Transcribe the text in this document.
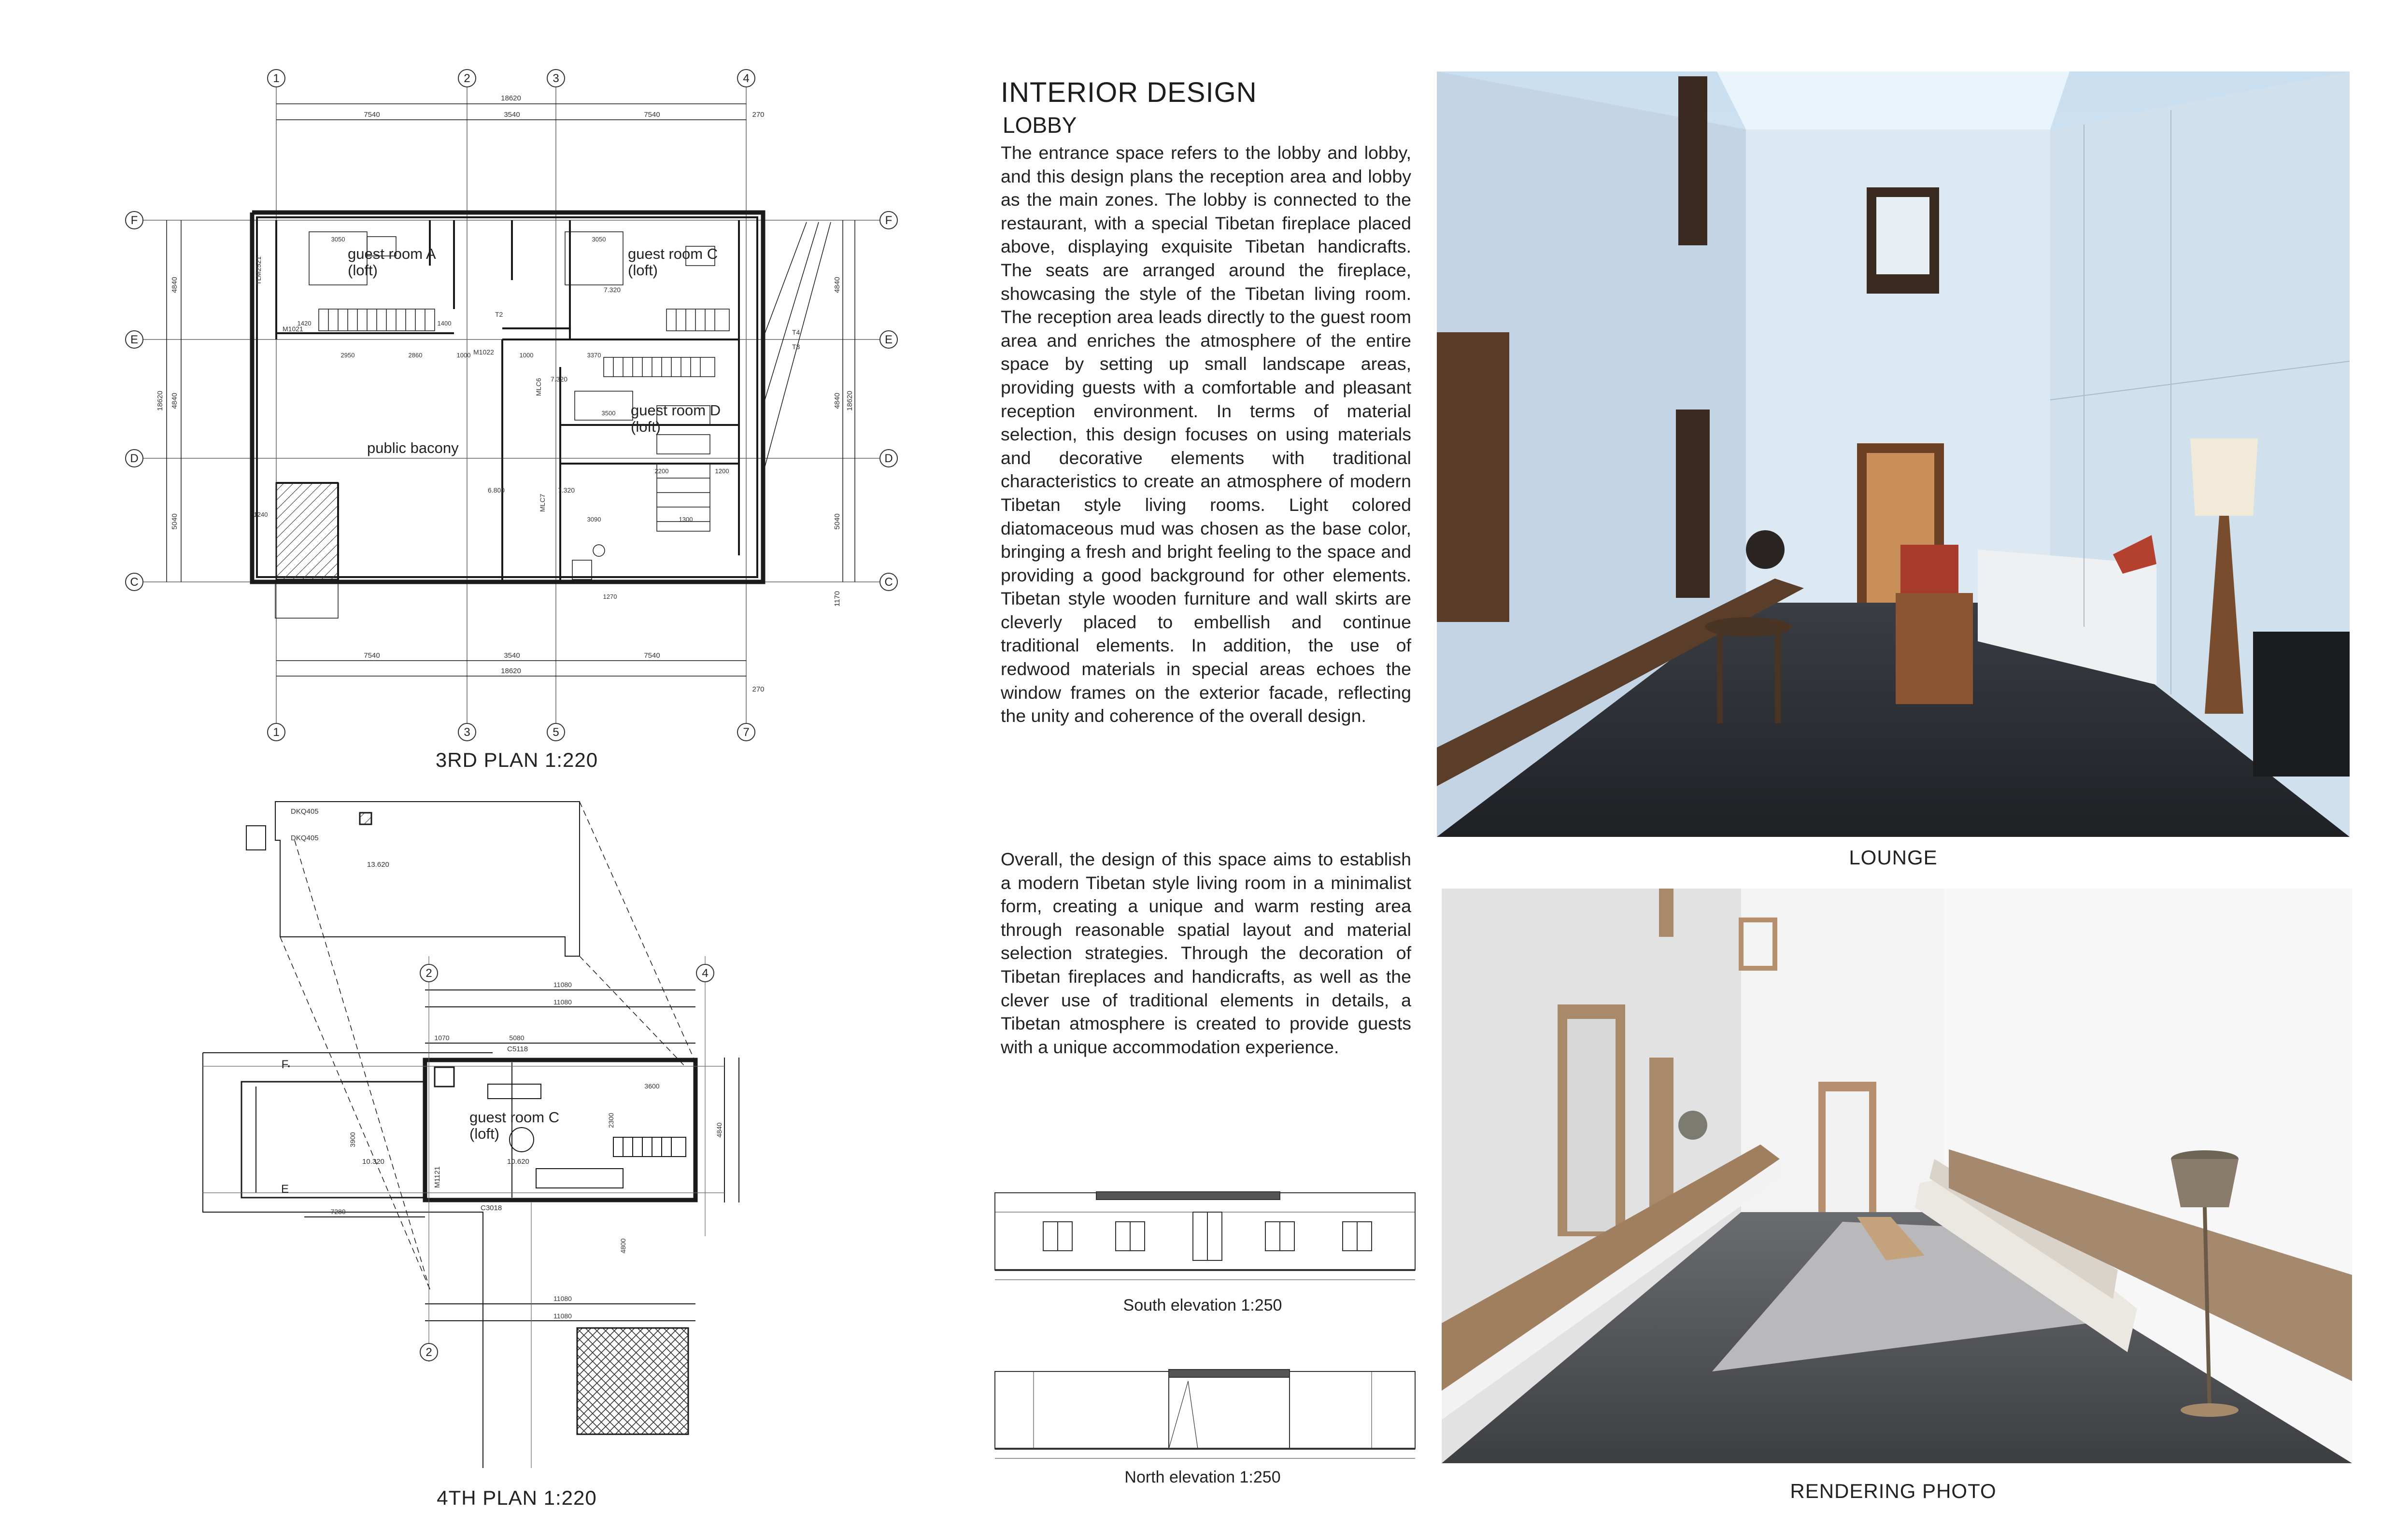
INTERIOR DESIGN
LOBBY
The entrance space refers to the lobby and lobby, and this design plans the reception area and lobby as the main zones. The lobby is connected to the restaurant, with a special Tibetan fireplace placed above, displaying exquisite Tibetan handicrafts. The seats are arranged around the fireplace, showcasing the style of the Tibetan living room. The reception area leads directly to the guest room area and enriches the atmosphere of the entire space by setting up small landscape areas, providing guests with a comfortable and pleasant reception environment. In terms of material selection, this design focuses on using materials and decorative elements with traditional characteristics to create an atmosphere of modern Tibetan style living rooms. Light colored diatomaceous mud was chosen as the base color, bringing a fresh and bright feeling to the space and providing a good background for other elements. Tibetan style wooden furniture and wall skirts are cleverly placed to embellish and continue traditional elements. In addition, the use of redwood materials in special areas echoes the window frames on the exterior facade, reflecting the unity and coherence of the overall design.
Overall, the design of this space aims to establish a modern Tibetan style living room in a minimalist form, creating a unique and warm resting area through reasonable spatial layout and material selection strategies. Through the decoration of Tibetan fireplaces and handicrafts, as well as the clever use of traditional elements in details, a Tibetan atmosphere is created to provide guests with a unique accommodation experience.
1	2	3	4
1	3	5	7
F
E
D
C
F
E
D
C
18620
7540	3540	7540	270
7540	3540	7540
18620
270
4840
18620 4840
5040
4840
4840 18620
5040
1170
3050	3050
1420	1400
2950	2860	1000	1000	3370
3500
2200	1200
1300
3090
1240
1270
T4
T3
T2
M1021
M1022
MLC6
MLC7
TLM2521
7.320
7.320
7.320
6.800
guest room A
(loft)
guest room C
(loft)
guest room D
(loft)
public bacony
3RD PLAN 1:220
2	4
F
E
2
11080
11080
1070	5080
3600
4840
3900
2300
11080
11080
4800
7280
C5118
C3018
M1121
DKQ405
DKQ405
13.620
10.320	10.620
guest room C
(loft)
4TH PLAN 1:220
South elevation 1:250
North elevation 1:250
LOUNGE
RENDERING PHOTO
